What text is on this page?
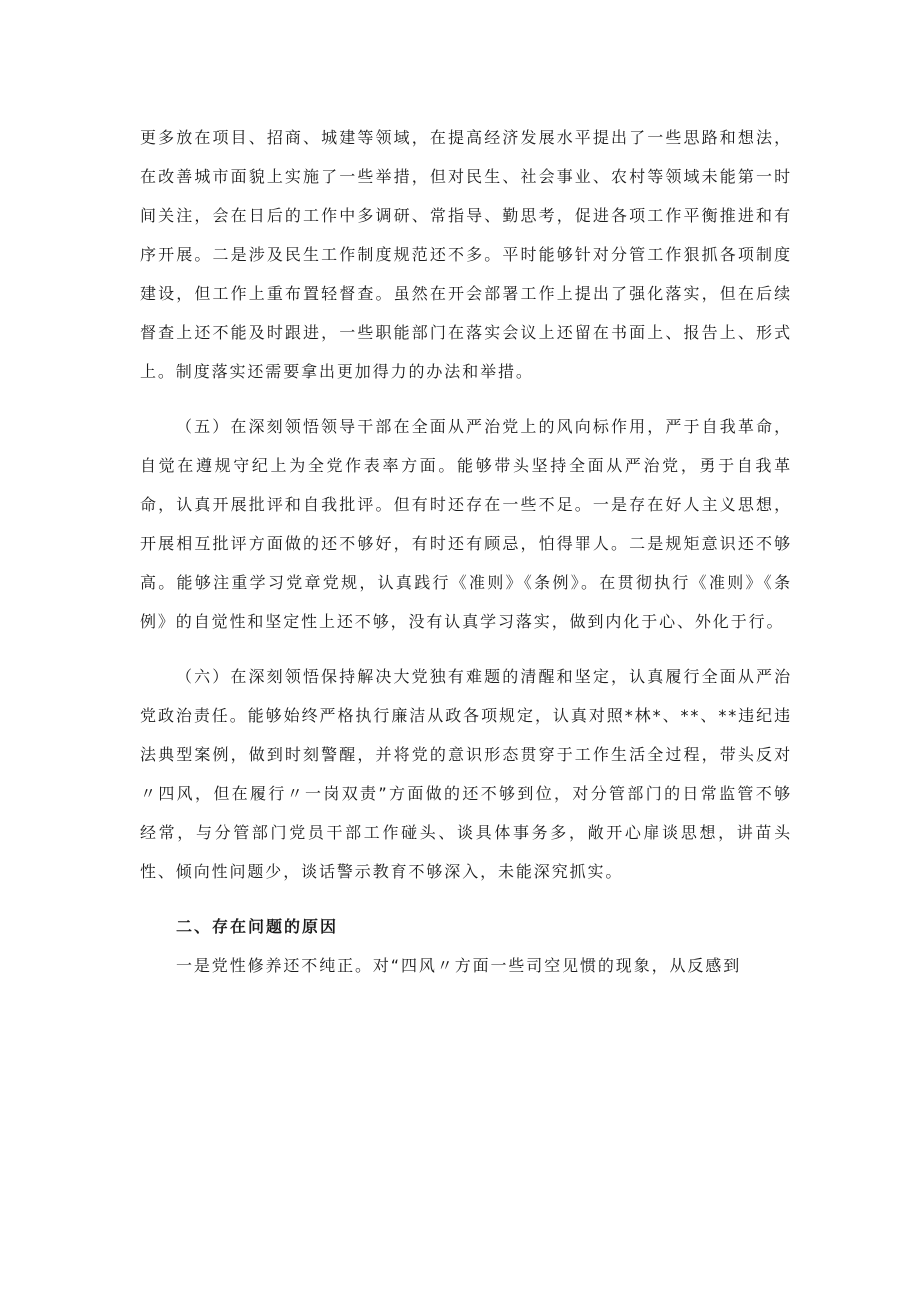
更多放在项目、招商、城建等领域，在提高经济发展水平提出了一些思路和想法，在改善城市面貌上实施了一些举措，但对民生、社会事业、农村等领域未能第一时间关注，会在日后的工作中多调研、常指导、勤思考，促进各项工作平衡推进和有序开展。二是涉及民生工作制度规范还不多。平时能够针对分管工作狠抓各项制度建设，但工作上重布置轻督查。虽然在开会部署工作上提出了强化落实，但在后续督查上还不能及时跟进，一些职能部门在落实会议上还留在书面上、报告上、形式上。制度落实还需要拿出更加得力的办法和举措。

（五）在深刻领悟领导干部在全面从严治党上的风向标作用，严于自我革命，自觉在遵规守纪上为全党作表率方面。能够带头坚持全面从严治党，勇于自我革命，认真开展批评和自我批评。但有时还存在一些不足。一是存在好人主义思想，开展相互批评方面做的还不够好，有时还有顾忌，怕得罪人。二是规矩意识还不够高。能够注重学习党章党规，认真践行《准则》《条例》。在贯彻执行《准则》《条例》的自觉性和坚定性上还不够，没有认真学习落实，做到内化于心、外化于行。

（六）在深刻领悟保持解决大党独有难题的清醒和坚定，认真履行全面从严治党政治责任。能够始终严格执行廉洁从政各项规定，认真对照*林*、**、**违纪违法典型案例，做到时刻警醒，并将党的意识形态贯穿于工作生活全过程，带头反对〃四风，但在履行〃一岗双责”方面做的还不够到位，对分管部门的日常监管不够经常，与分管部门党员干部工作碰头、谈具体事务多，敞开心扉谈思想，讲苗头性、倾向性问题少，谈话警示教育不够深入，未能深究抓实。

二、存在问题的原因

一是党性修养还不纯正。对“四风〃方面一些司空见惯的现象，从反感到
